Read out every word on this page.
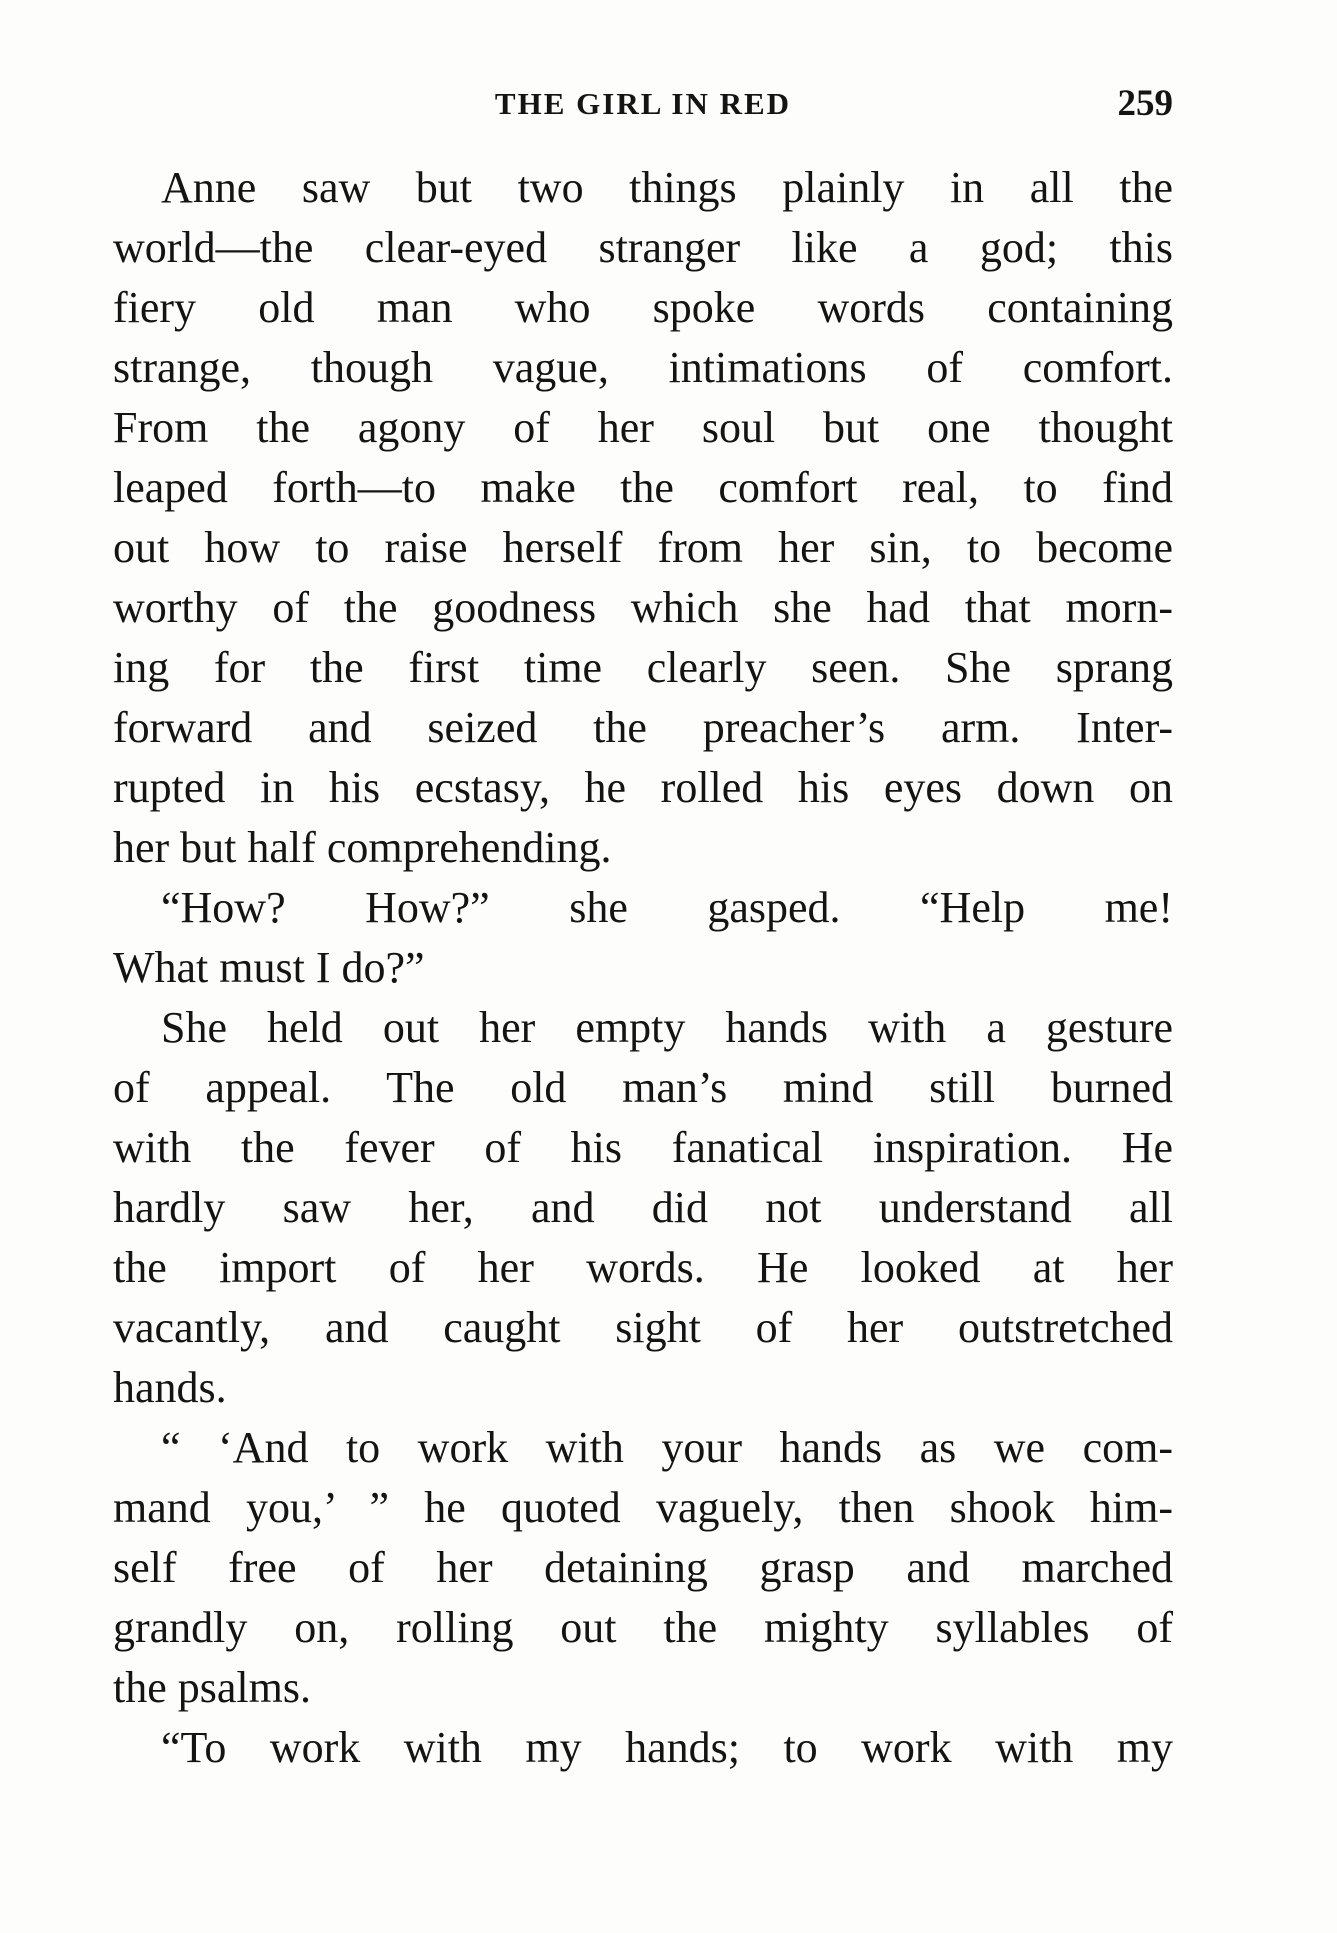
THE GIRL IN RED	259
Anne saw but two things plainly in all the
world—the clear-eyed stranger like a god; this
fiery old man who spoke words containing
strange, though vague, intimations of comfort.
From the agony of her soul but one thought
leaped forth—to make the comfort real, to find
out how to raise herself from her sin, to become
worthy of the goodness which she had that morn-
ing for the first time clearly seen. She sprang
forward and seized the preacher’s arm. Inter-
rupted in his ecstasy, he rolled his eyes down on
her but half comprehending.
“How? How?” she gasped. “Help me!
What must I do?”
She held out her empty hands with a gesture
of appeal. The old man’s mind still burned
with the fever of his fanatical inspiration. He
hardly saw her, and did not understand all
the import of her words. He looked at her
vacantly, and caught sight of her outstretched
hands.
“ ‘And to work with your hands as we com-
mand you,’ ” he quoted vaguely, then shook him-
self free of her detaining grasp and marched
grandly on, rolling out the mighty syllables of
the psalms.
“To work with my hands; to work with my
